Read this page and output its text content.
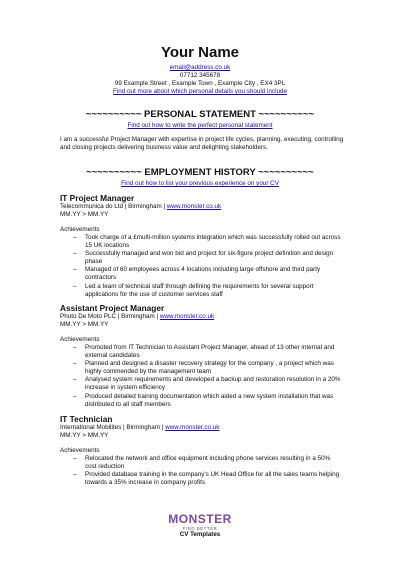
Your Name
email@address.co.uk
07712 345678
99 Example Street , Example Town , Example City , EX4 3PL
Find out more about which personal details you should include
~~~~~~~~~~ PERSONAL STATEMENT ~~~~~~~~~~
Find out how to write the perfect personal statement
I am a successful Project Manager with expertise in project life cycles, planning, executing, controlling and closing projects delivering business value and delighting stakeholders.
~~~~~~~~~~ EMPLOYMENT HISTORY ~~~~~~~~~~
Find out how to list your previous experience on your CV
IT Project Manager
Telecommunica do Ltd | Birmingham | www.monster.co.uk
MM.YY > MM.YY
Achievements
– Took charge of a £multi-million systems integration which was successfully rolled out across 15 UK locations
– Successfully managed and won bid and project for six-figure project definition and design phase
– Managed of 60 employees across 4 locations including large offshore and third party contractors
– Led a team of technical staff through defining the requirements for several support applications for the use of customer services staff
Assistant Project Manager
Photo De Moto PLC | Birmingham | www.monster.co.uk
MM.YY > MM.YY
Achievements
– Promoted from IT Technician to Assistant Project Manager, ahead of 13 other internal and external candidates
– Planned and designed a disaster recovery strategy for the company , a project which was highly commended by the management team
– Analysed system requirements and developed a backup and restoration resolution in a 20% increase in system efficiency
– Produced detailed training documentation which aided a new system installation that was distributed to all staff members
IT Technician
International Mobilites | Birmingham | www.monster.co.uk
MM.YY > MM.YY
Achievements
– Relocated the network and office equipment including phone services resulting in a 50% cost reduction
– Provided database training in the company's UK Head Office for all the sales teams helping towards a 35% increase in company profits
MONSTER
FIND BETTER
CV Templates
